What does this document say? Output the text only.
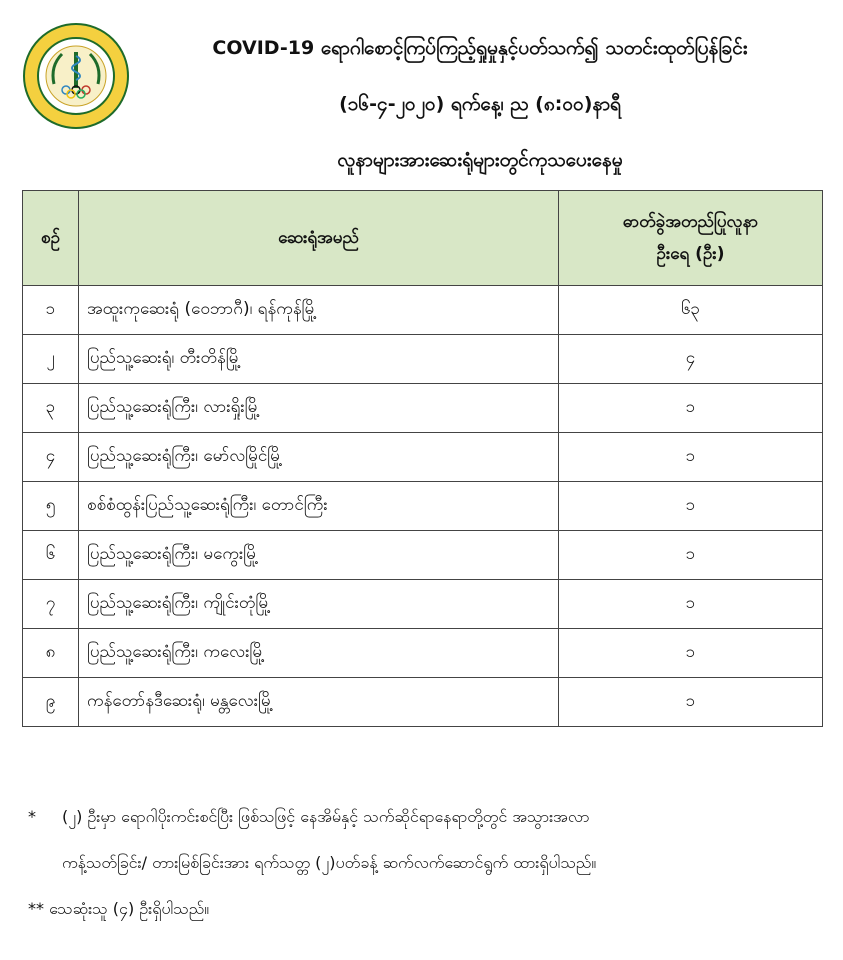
COVID-19 ရောဂါစောင့်ကြပ်ကြည့်ရှုမှုနှင့်ပတ်သက်၍ သတင်းထုတ်ပြန်ခြင်း
(၁၆-၄-၂၀၂၀) ရက်နေ့၊ ည (၈:၀၀)နာရီ
လူနာများအားဆေးရုံများတွင်ကုသပေးနေမှု
စဉ်	ဆေးရုံအမည်	ဓာတ်ခွဲအတည်ပြုလူနာ
ဦးရေ (ဦး)

၁	အထူးကုဆေးရုံ (ဝေဘာဂီ)၊ ရန်ကုန်မြို့	၆၃
၂	ပြည်သူ့ဆေးရုံ၊ တီးတိန်မြို့	၄
၃	ပြည်သူ့ဆေးရုံကြီး၊ လားရှိုးမြို့	၁
၄	ပြည်သူ့ဆေးရုံကြီး၊ မော်လမြိုင်မြို့	၁
၅	စစ်စံထွန်းပြည်သူ့ဆေးရုံကြီး၊ တောင်ကြီး	၁
၆	ပြည်သူ့ဆေးရုံကြီး၊ မကွေးမြို့	၁
၇	ပြည်သူ့ဆေးရုံကြီး၊ ကျိုင်းတုံမြို့	၁
၈	ပြည်သူ့ဆေးရုံကြီး၊ ကလေးမြို့	၁
၉	ကန်တော်နဒီဆေးရုံ၊ မန္တလေးမြို့	၁
* (၂) ဦးမှာ ရောဂါပိုးကင်းစင်ပြီး ဖြစ်သဖြင့် နေအိမ်နှင့် သက်ဆိုင်ရာနေရာတို့တွင် အသွားအလာ
ကန့်သတ်ခြင်း/ တားမြစ်ခြင်းအား ရက်သတ္တ (၂)ပတ်ခန့် ဆက်လက်ဆောင်ရွက် ထားရှိပါသည်။
** သေဆုံးသူ (၄) ဦးရှိပါသည်။
